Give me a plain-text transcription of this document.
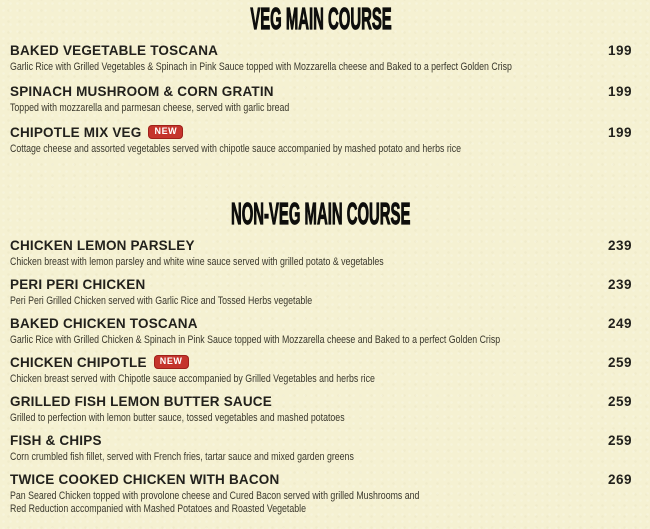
VEG MAIN COURSE
BAKED VEGETABLE TOSCANA	199
Garlic Rice with Grilled Vegetables & Spinach in Pink Sauce topped with Mozzarella cheese and Baked to a perfect Golden Crisp
SPINACH MUSHROOM & CORN GRATIN	199
Topped with mozzarella and parmesan cheese, served with garlic bread
CHIPOTLE MIX VEG	NEW	199
Cottage cheese and assorted vegetables served with chipotle sauce accompanied by mashed potato and herbs rice
NON-VEG MAIN COURSE
CHICKEN LEMON PARSLEY	239
Chicken breast with lemon parsley and white wine sauce served with grilled potato & vegetables
PERI PERI CHICKEN	239
Peri Peri Grilled Chicken served with Garlic Rice and Tossed Herbs vegetable
BAKED CHICKEN TOSCANA	249
Garlic Rice with Grilled Chicken & Spinach in Pink Sauce topped with Mozzarella cheese and Baked to a perfect Golden Crisp
CHICKEN CHIPOTLE	NEW	259
Chicken breast served with Chipotle sauce accompanied by Grilled Vegetables and herbs rice
GRILLED FISH LEMON BUTTER SAUCE	259
Grilled to perfection with lemon butter sauce, tossed vegetables and mashed potatoes
FISH & CHIPS	259
Corn crumbled fish fillet, served with French fries, tartar sauce and mixed garden greens
TWICE COOKED CHICKEN WITH BACON	269
Pan Seared Chicken topped with provolone cheese and Cured Bacon served with grilled Mushrooms and
Red Reduction accompanied with Mashed Potatoes and Roasted Vegetable
